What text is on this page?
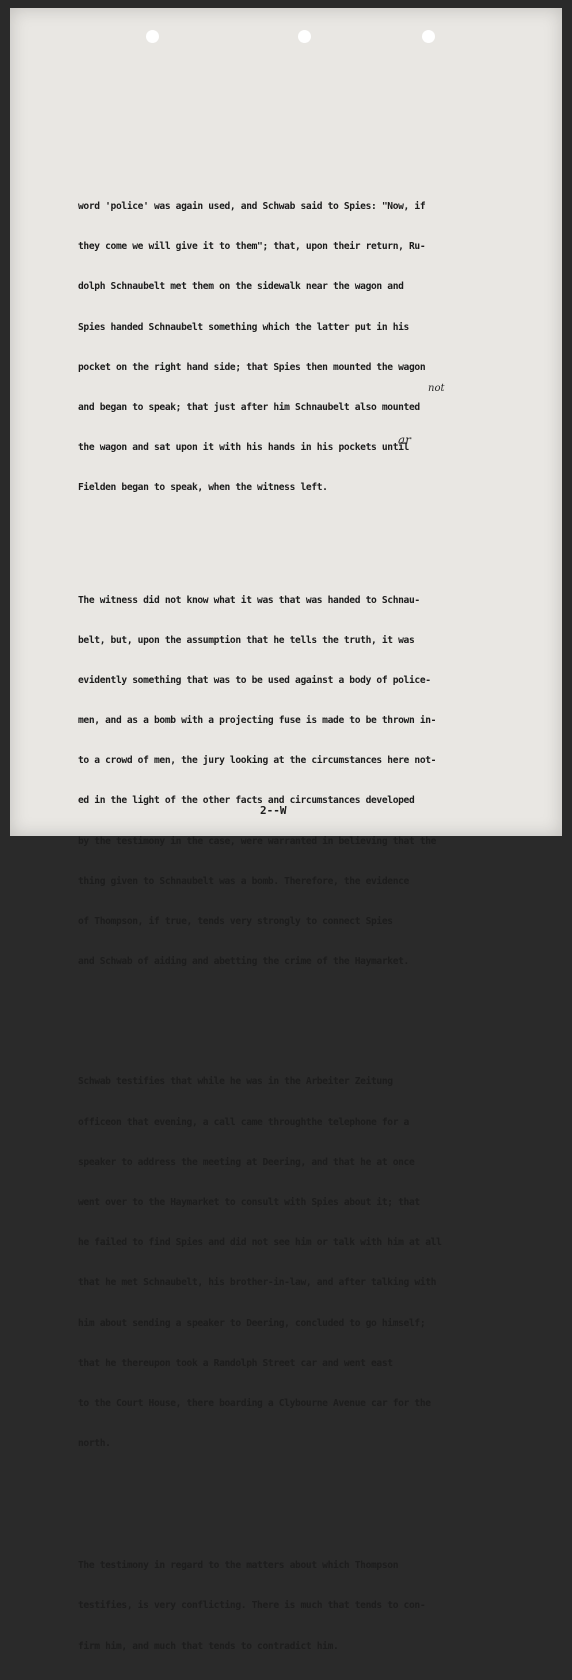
word 'police' was again used, and Schwab said to Spies: "Now, if

they come we will give it to them"; that, upon their return, Ru-

dolph Schnaubelt met them on the sidewalk near the wagon and

Spies handed Schnaubelt something which the latter put in his

pocket on the right hand side; that Spies then mounted the wagon

and began to speak; that just after him Schnaubelt also mounted

the wagon and sat upon it with his hands in his pockets until

Fielden began to speak, when the witness left.

The witness did not know what it was that was handed to Schnau-

belt, but, upon the assumption that he tells the truth, it was

evidently something that was to be used against a body of police-

men, and as a bomb with a projecting fuse is made to be thrown in-

to a crowd of men, the jury looking at the circumstances here not-

ed in the light of the other facts and circumstances developed

by the testimony in the case, were warranted in believing that the

thing given to Schnaubelt was a bomb. Therefore, the evidence

of Thompson, if true, tends very strongly to connect Spies

and Schwab of aiding and abetting the crime of the Haymarket.

Schwab testifies that while he was in the Arbeiter Zeitung

officeon that evening, a call came throughthe telephone for a

speaker to address the meeting at Deering, and that he at once

went over to the Haymarket to consult with Spies about it; that

he failed to find Spies and did not see him or talk with him at all

that he met Schnaubelt, his brother-in-law, and after talking with

him about sending a speaker to Deering, concluded to go himself;

that he thereupon took a Randolph Street car and went east

to the Court House, there boarding a Clybourne Avenue car for the

north.

The testimony in regard to the matters about which Thompson

testifies, is very conflicting. There is much that tends to con-

firm him, and much that tends to contradict him.

ar
not
2--W
